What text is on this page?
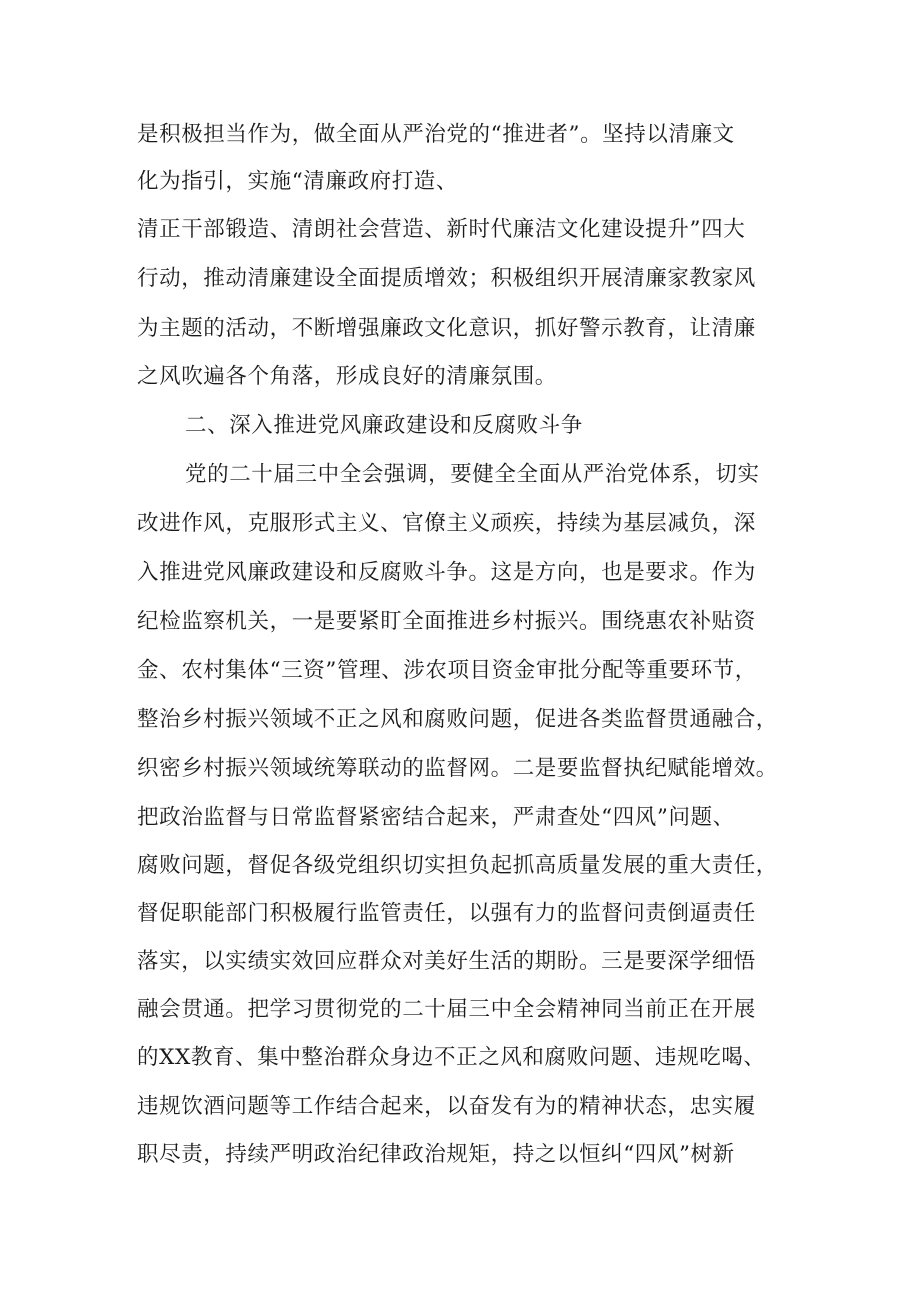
是积极担当作为，做全面从严治党的“推进者”。坚持以清廉文
化为指引，实施“清廉政府打造、
清正干部锻造、清朗社会营造、新时代廉洁文化建设提升”四大
行动，推动清廉建设全面提质增效；积极组织开展清廉家教家风
为主题的活动，不断增强廉政文化意识，抓好警示教育，让清廉
之风吹遍各个角落，形成良好的清廉氛围。
二、深入推进党风廉政建设和反腐败斗争
党的二十届三中全会强调，要健全全面从严治党体系，切实
改进作风，克服形式主义、官僚主义顽疾，持续为基层减负，深
入推进党风廉政建设和反腐败斗争。这是方向，也是要求。作为
纪检监察机关，一是要紧盯全面推进乡村振兴。围绕惠农补贴资
金、农村集体“三资”管理、涉农项目资金审批分配等重要环节，
整治乡村振兴领域不正之风和腐败问题，促进各类监督贯通融合，
织密乡村振兴领域统筹联动的监督网。二是要监督执纪赋能增效。
把政治监督与日常监督紧密结合起来，严肃查处“四风”问题、
腐败问题，督促各级党组织切实担负起抓高质量发展的重大责任，
督促职能部门积极履行监管责任，以强有力的监督问责倒逼责任
落实，以实绩实效回应群众对美好生活的期盼。三是要深学细悟
融会贯通。把学习贯彻党的二十届三中全会精神同当前正在开展
的XX教育、集中整治群众身边不正之风和腐败问题、违规吃喝、
违规饮酒问题等工作结合起来，以奋发有为的精神状态，忠实履
职尽责，持续严明政治纪律政治规矩，持之以恒纠“四风”树新
